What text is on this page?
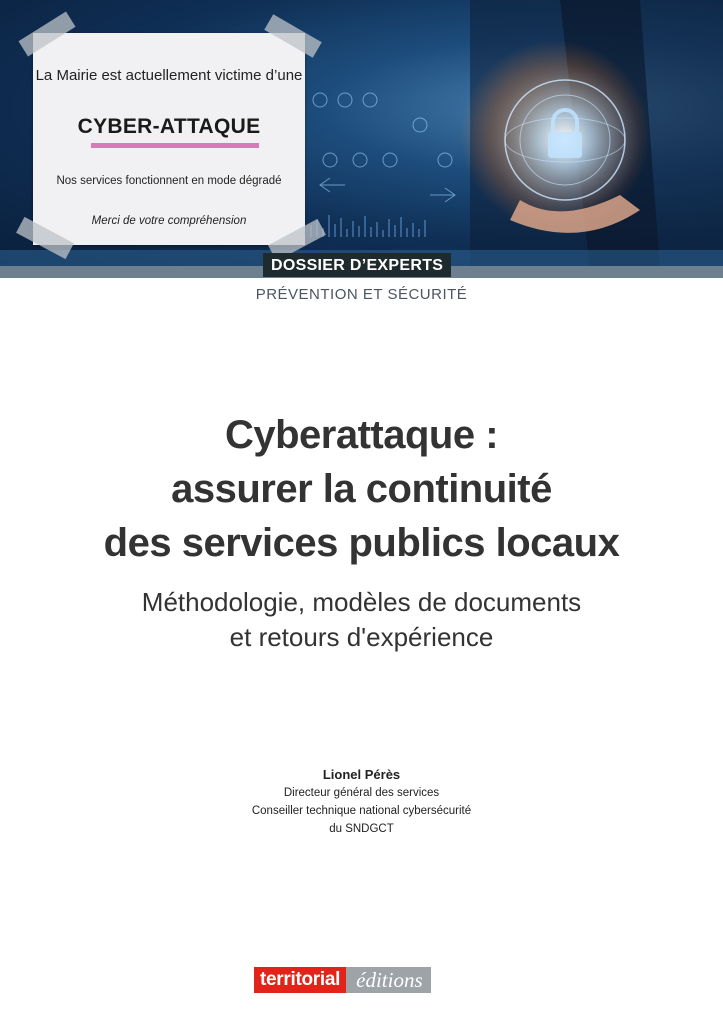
La Mairie est actuellement victime d’une
CYBER-ATTAQUE
Nos services fonctionnent en mode dégradé
Merci de votre compréhension
DOSSIER D’EXPERTS
PRÉVENTION ET SÉCURITÉ
Cyberattaque :
assurer la continuité
des services publics locaux
Méthodologie, modèles de documents
et retours d'expérience
Lionel Pérès
Directeur général des services
Conseiller technique national cybersécurité
du SNDGCT
territorial éditions
